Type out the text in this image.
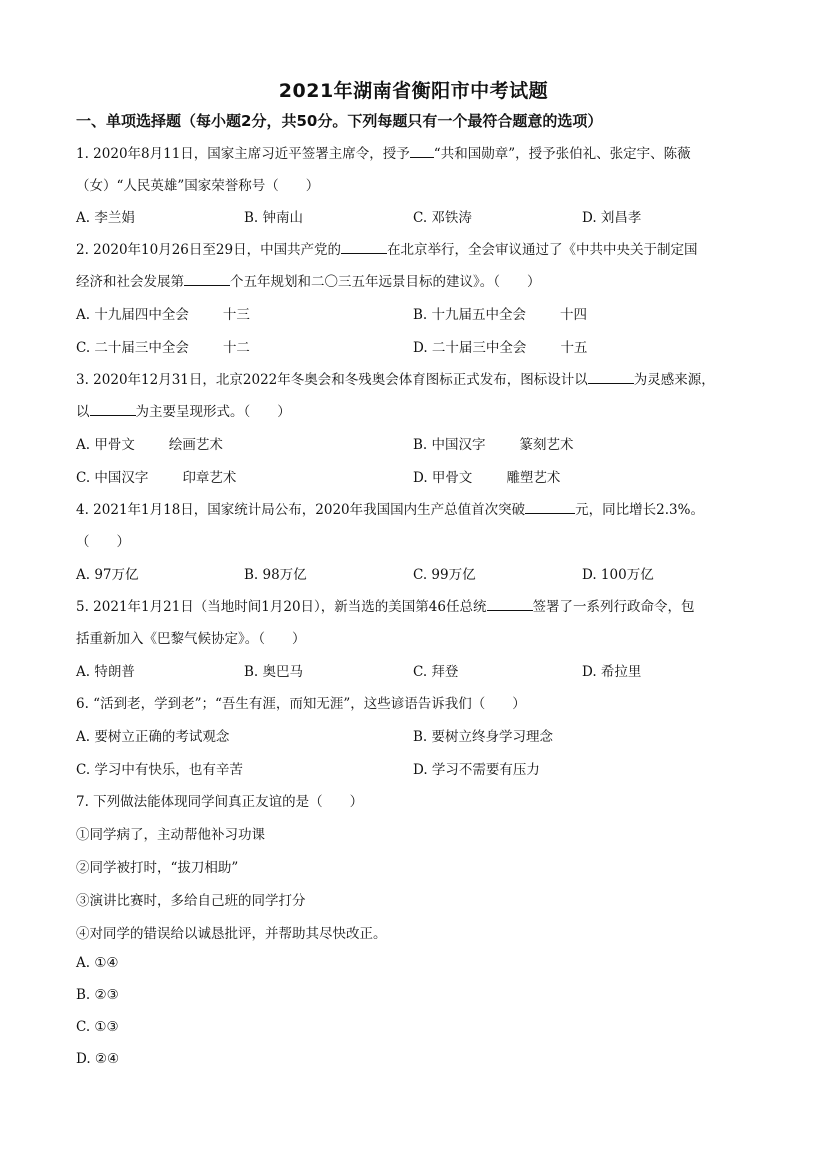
2021年湖南省衡阳市中考试题
一、单项选择题（每小题2分，共50分。下列每题只有一个最符合题意的选项）
1. 2020年8月11日，国家主席习近平签署主席令，授予 “共和国勋章”，授予张伯礼、张定宇、陈薇
（女）“人民英雄”国家荣誉称号（　　）
A. 李兰娟	B. 钟南山	C. 邓铁涛	D. 刘昌孝
2. 2020年10月26日至29日，中国共产党的	在北京举行，全会审议通过了《中共中央关于制定国
经济和社会发展第	个五年规划和二〇三五年远景目标的建议》。（　　）
A. 十九届四中全会	十三	B. 十九届五中全会	十四
C. 二十届三中全会	十二	D. 二十届三中全会	十五
3. 2020年12月31日，北京2022年冬奥会和冬残奥会体育图标正式发布，图标设计以	为灵感来源，
以	为主要呈现形式。（　　）
A. 甲骨文	绘画艺术	B. 中国汉字	篆刻艺术
C. 中国汉字	印章艺术	D. 甲骨文	雕塑艺术
4. 2021年1月18日，国家统计局公布，2020年我国国内生产总值首次突破	元，同比增长2.3%。
（　　）
A. 97万亿	B. 98万亿	C. 99万亿	D. 100万亿
5. 2021年1月21日（当地时间1月20日），新当选的美国第46任总统	签署了一系列行政命令，包
括重新加入《巴黎气候协定》。（　　）
A. 特朗普	B. 奥巴马	C. 拜登	D. 希拉里
6. “活到老，学到老”；“吾生有涯，而知无涯”，这些谚语告诉我们（　　）
A. 要树立正确的考试观念	B. 要树立终身学习理念
C. 学习中有快乐，也有辛苦	D. 学习不需要有压力
7. 下列做法能体现同学间真正友谊的是（　　）
①同学病了，主动帮他补习功课
②同学被打时，“拔刀相助”
③演讲比赛时，多给自己班的同学打分
④对同学的错误给以诚恳批评，并帮助其尽快改正。
A. ①④
B. ②③
C. ①③
D. ②④
